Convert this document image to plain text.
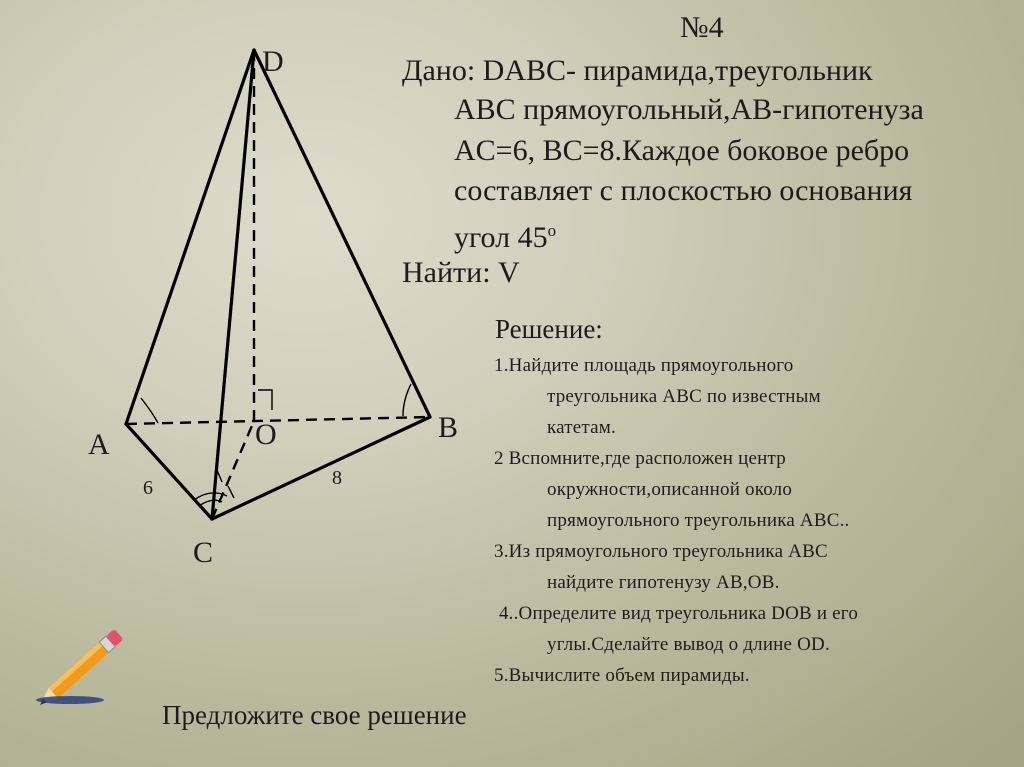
D
A
B
C
O
6	8
№4
Дано: DABC- пирамида,треугольник
ABC прямоугольный,AB-гипотенуза
AC=6, BC=8.Каждое боковое ребро
составляет с плоскостью основания
угол 45$^o$
Найти: V
Решение:
1.Найдите площадь прямоугольного
треугольника ABC по известным
катетам.
2 Вспомните,где расположен центр
окружности,описанной около
прямоугольного треугольника ABC..
3.Из прямоугольного треугольника ABC
найдите гипотенузу AB,OB.
4..Определите вид треугольника DOB и его
углы.Сделайте вывод о длине OD.
5.Вычислите объем пирамиды.
Предложите свое решение
